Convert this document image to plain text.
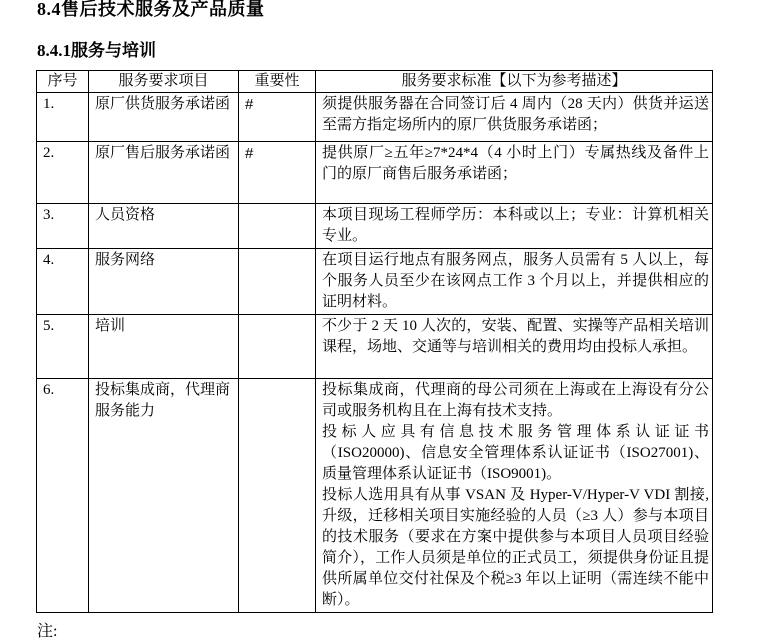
8.4售后技术服务及产品质量
8.4.1服务与培训
序号	服务要求项目	重要性	服务要求标准【以下为参考描述】
1.	原厂供货服务承诺函	#	须提供服务器在合同签订后 4 周内（28 天内）供货并运送至需方指定场所内的原厂供货服务承诺函；

2.	原厂售后服务承诺函	#	提供原厂≥五年≥7*24*4（4 小时上门）专属热线及备件上门的原厂商售后服务承诺函；

3.	人员资格		本项目现场工程师学历：本科或以上；专业：计算机相关专业。

4.	服务网络		在项目运行地点有服务网点，服务人员需有 5 人以上，每个服务人员至少在该网点工作 3 个月以上，并提供相应的证明材料。

5.	培训		不少于 2 天 10 人次的，安装、配置、实操等产品相关培训课程，场地、交通等与培训相关的费用均由投标人承担。

6.	投标集成商，代理商服务能力		投标集成商，代理商的母公司须在上海或在上海设有分公司或服务机构且在上海有技术支持。
投标人应具有信息技术服务管理体系认证证书（ISO20000)、信息安全管理体系认证证书（ISO27001)、质量管理体系认证证书（ISO9001)。
投标人选用具有从事 VSAN 及 Hyper-V/Hyper-V VDI 割接,升级，迁移相关项目实施经验的人员（≥3 人）参与本项目的技术服务（要求在方案中提供参与本项目人员项目经验简介），工作人员须是单位的正式员工，须提供身份证且提供所属单位交付社保及个税≥3 年以上证明（需连续不能中断）。
注:
